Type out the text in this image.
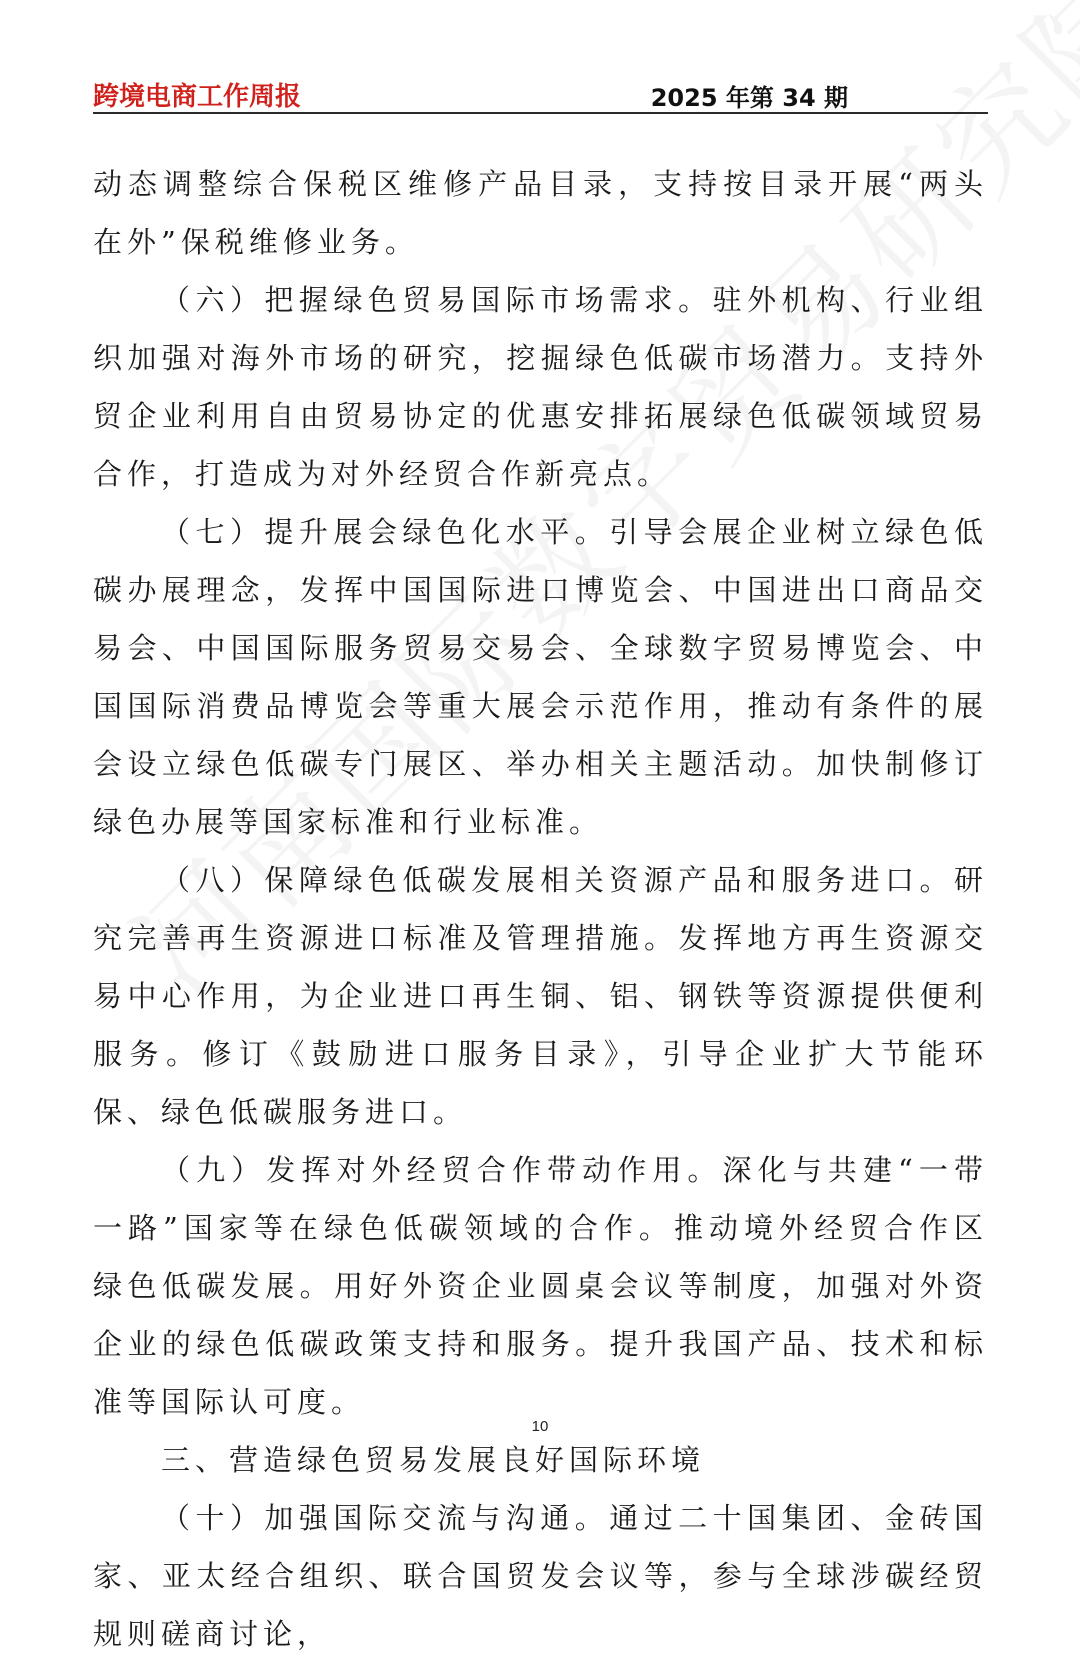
跨境电商工作周报	2025 年第 34 期

动态调整综合保税区维修产品目录，支持按目录开展“两头在外”保税维修业务。

（六）把握绿色贸易国际市场需求。驻外机构、行业组织加强对海外市场的研究，挖掘绿色低碳市场潜力。支持外贸企业利用自由贸易协定的优惠安排拓展绿色低碳领域贸易合作，打造成为对外经贸合作新亮点。

（七）提升展会绿色化水平。引导会展企业树立绿色低碳办展理念，发挥中国国际进口博览会、中国进出口商品交易会、中国国际服务贸易交易会、全球数字贸易博览会、中国国际消费品博览会等重大展会示范作用，推动有条件的展会设立绿色低碳专门展区、举办相关主题活动。加快制修订绿色办展等国家标准和行业标准。

（八）保障绿色低碳发展相关资源产品和服务进口。研究完善再生资源进口标准及管理措施。发挥地方再生资源交易中心作用，为企业进口再生铜、铝、钢铁等资源提供便利服务。修订《鼓励进口服务目录》，引导企业扩大节能环保、绿色低碳服务进口。

（九）发挥对外经贸合作带动作用。深化与共建“一带一路”国家等在绿色低碳领域的合作。推动境外经贸合作区绿色低碳发展。用好外资企业圆桌会议等制度，加强对外资企业的绿色低碳政策支持和服务。提升我国产品、技术和标准等国际认可度。

三、营造绿色贸易发展良好国际环境

（十）加强国际交流与沟通。通过二十国集团、金砖国家、亚太经合组织、联合国贸发会议等，参与全球涉碳经贸规则磋商讨论，

10
